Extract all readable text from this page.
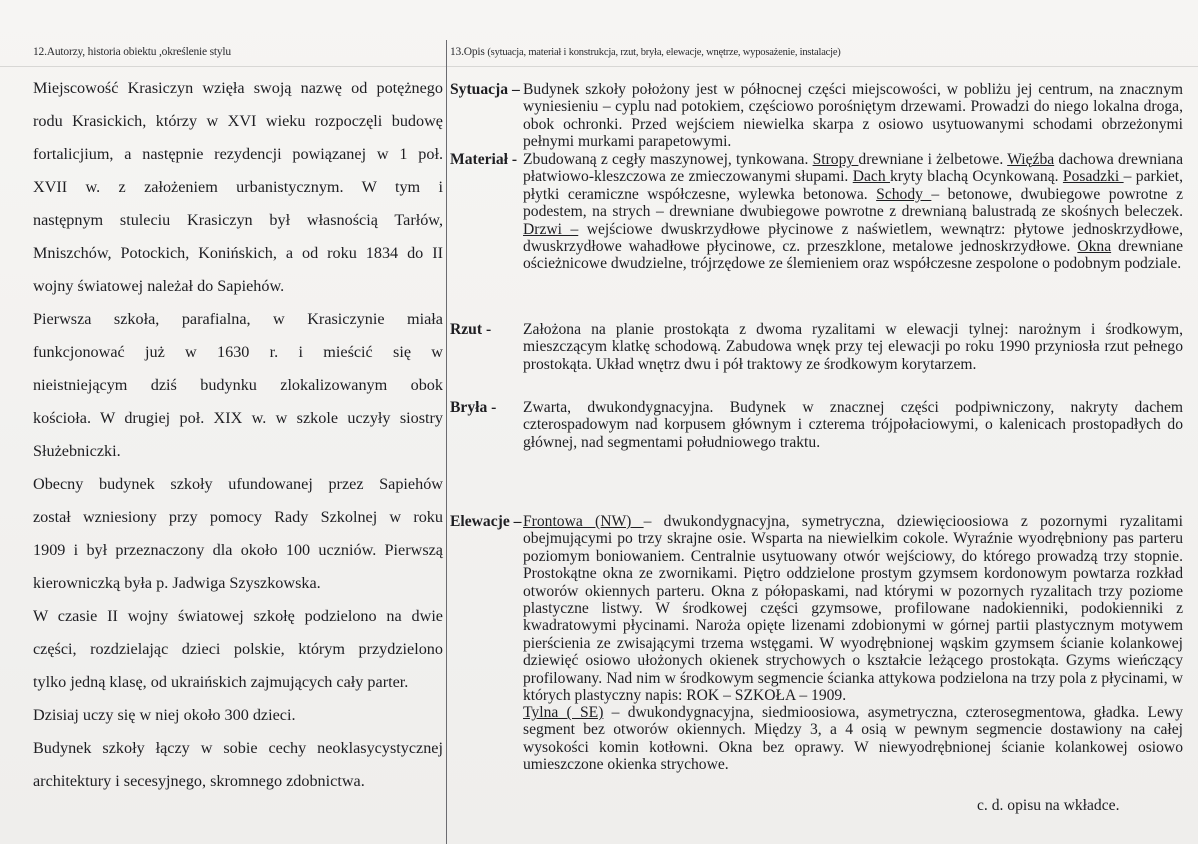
12.Autorzy, historia obiektu ,określenie stylu	13.Opis (sytuacja, materiał i konstrukcja, rzut, bryła, elewacje, wnętrze, wyposażenie, instalacje)
Miejscowość Krasiczyn wzięła swoją nazwę od potężnego
rodu Krasickich, którzy w XVI wieku rozpoczęli budowę
fortalicjium, a następnie rezydencji powiązanej w 1 poł.
XVII w. z założeniem urbanistycznym. W tym i
następnym stuleciu Krasiczyn był własnością Tarłów,
Mniszchów, Potockich, Konińskich, a od roku 1834 do II
wojny światowej należał do Sapiehów.
Pierwsza szkoła, parafialna, w Krasiczynie miała
funkcjonować już w 1630 r. i mieścić się w
nieistniejącym dziś budynku zlokalizowanym obok
kościoła. W drugiej poł. XIX w. w szkole uczyły siostry
Służebniczki.
Obecny budynek szkoły ufundowanej przez Sapiehów
został wzniesiony przy pomocy Rady Szkolnej w roku
1909 i był przeznaczony dla około 100 uczniów. Pierwszą
kierowniczką była p. Jadwiga Szyszkowska.
W czasie II wojny światowej szkołę podzielono na dwie
części, rozdzielając dzieci polskie, którym przydzielono
tylko jedną klasę, od ukraińskich zajmujących cały parter.
Dzisiaj uczy się w niej około 300 dzieci.
Budynek szkoły łączy w sobie cechy neoklasycystycznej
architektury i secesyjnego, skromnego zdobnictwa.
Tylna ( SE) – dwukondygnacyjna, siedmioosiowa, asymetryczna, czterosegmentowa, gładka. Lewy segment bez otworów okiennych. Między 3, a 4 osią w pewnym segmencie dostawiony na całej wysokości komin kotłowni. Okna bez oprawy. W niewyodrębnionej ścianie kolankowej osiowo umieszczone okienka strychowe.
c. d. opisu na wkładce.
Sytuacja – Budynek szkoły położony jest w północnej części miejscowości, w pobliżu jej centrum, na znacznym wyniesieniu – cyplu nad potokiem, częściowo porośniętym drzewami. Prowadzi do niego lokalna droga, obok ochronki. Przed wejściem niewielka skarpa z osiowo usytuowanymi schodami obrzeżonymi pełnymi murkami parapetowymi.
Materiał - Zbudowaną z cegły maszynowej, tynkowana. Stropy drewniane i żelbetowe. Więźba dachowa drewniana płatwiowo-kleszczowa ze zmieczowanymi słupami. Dach kryty blachą Ocynkowaną. Posadzki – parkiet, płytki ceramiczne współczesne, wylewka betonowa. Schody – betonowe, dwubiegowe powrotne z podestem, na strych – drewniane dwubiegowe powrotne z drewnianą balustradą ze skośnych beleczek. Drzwi – wejściowe dwuskrzydłowe płycinowe z naświetlem, wewnątrz: płytowe jednoskrzydłowe, dwuskrzydłowe wahadłowe płycinowe, cz. przeszklone, metalowe jednoskrzydłowe. Okna drewniane ościeżnicowe dwudzielne, trójrzędowe ze ślemieniem oraz współczesne zespolone o podobnym podziale.
Rzut - Założona na planie prostokąta z dwoma ryzalitami w elewacji tylnej: narożnym i środkowym, mieszczącym klatkę schodową. Zabudowa wnęk przy tej elewacji po roku 1990 przyniosła rzut pełnego prostokąta. Układ wnętrz dwu i pół traktowy ze środkowym korytarzem.
Bryła - Zwarta, dwukondygnacyjna. Budynek w znacznej części podpiwniczony, nakryty dachem czterospadowym nad korpusem głównym i czterema trójpołaciowymi, o kalenicach prostopadłych do głównej, nad segmentami południowego traktu.
Elewacje – Frontowa (NW) – dwukondygnacyjna, symetryczna, dziewięcioosiowa z pozornymi ryzalitami obejmującymi po trzy skrajne osie. Wsparta na niewielkim cokole. Wyraźnie wyodrębniony pas parteru poziomym boniowaniem. Centralnie usytuowany otwór wejściowy, do którego prowadzą trzy stopnie. Prostokątne okna ze zwornikami. Piętro oddzielone prostym gzymsem kordonowym powtarza rozkład otworów okiennych parteru. Okna z półopaskami, nad którymi w pozornych ryzalitach trzy poziome plastyczne listwy. W środkowej części gzymsowe, profilowane nadokienniki, podokienniki z kwadratowymi płycinami. Naroża opięte lizenami zdobionymi w górnej partii plastycznym motywem pierścienia ze zwisającymi trzema wstęgami. W wyodrębnionej wąskim gzymsem ścianie kolankowej dziewięć osiowo ułożonych okienek strychowych o kształcie leżącego prostokąta. Gzyms wieńczący profilowany. Nad nim w środkowym segmencie ścianka attykowa podzielona na trzy pola z płycinami, w których plastyczny napis: ROK – SZKOŁA – 1909.
